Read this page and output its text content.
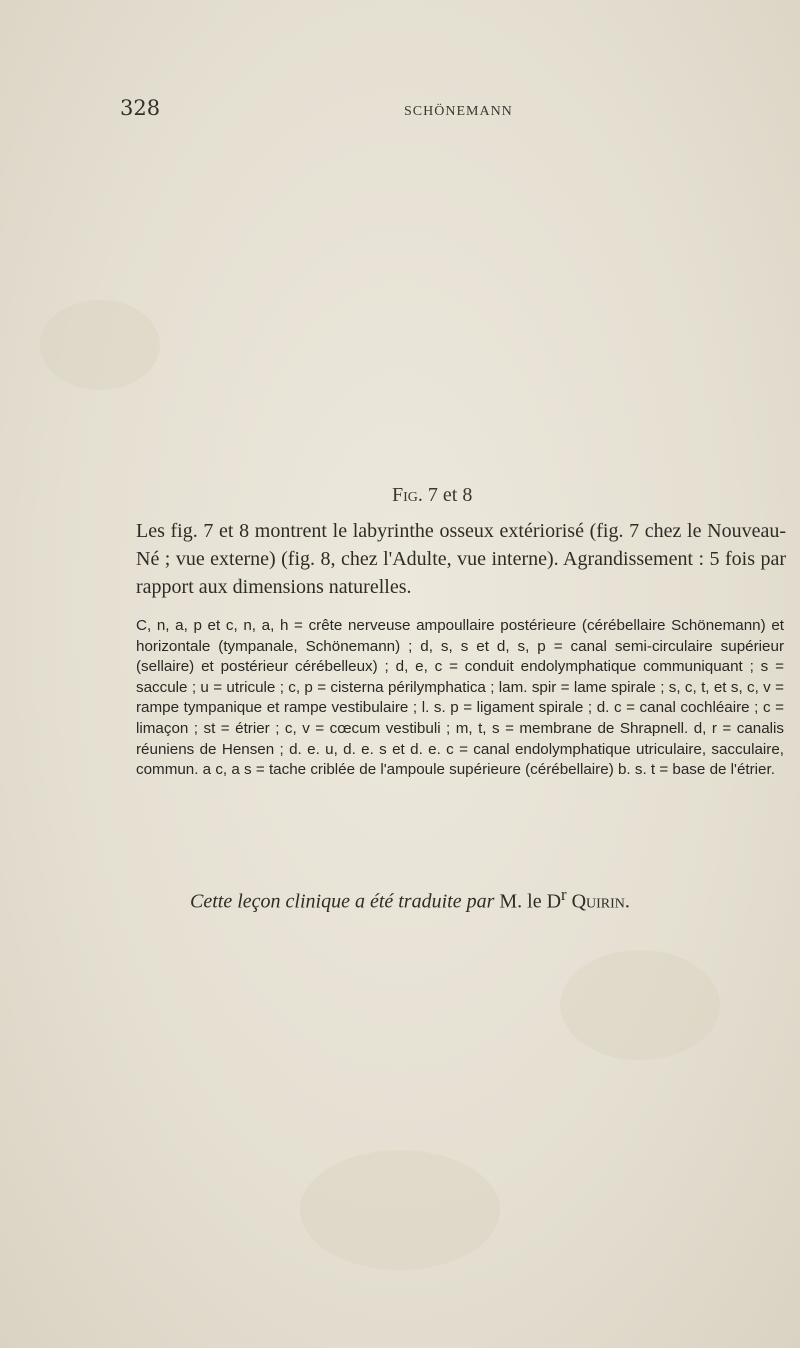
328	SCHÖNEMANN
Fig. 7 et 8
Les fig. 7 et 8 montrent le labyrinthe osseux extériorisé (fig. 7 chez le Nouveau-Né ; vue externe) (fig. 8, chez l'Adulte, vue interne). Agrandissement : 5 fois par rapport aux dimensions naturelles.
C, n, a, p et c, n, a, h = crête nerveuse ampoullaire postérieure (cérébellaire Schönemann) et horizontale (tympanale, Schönemann) ; d, s, s et d, s, p = canal semi-circulaire supérieur (sellaire) et postérieur cérébelleux) ; d, e, c = conduit endolymphatique communiquant ; s = saccule ; u = utricule ; c, p = cisterna périlymphatica ; lam. spir = lame spirale ; s, c, t, et s, c, v = rampe tympanique et rampe vestibulaire ; l. s. p = ligament spirale ; d. c = canal cochléaire ; c = limaçon ; st = étrier ; c, v = cœcum vestibuli ; m, t, s = membrane de Shrapnell. d, r = canalis réuniens de Hensen ; d. e. u, d. e. s et d. e. c = canal endolymphatique utriculaire, sacculaire, commun. a c, a s = tache criblée de l'ampoule supérieure (cérébellaire) b. s. t = base de l'étrier.
Cette leçon clinique a été traduite par M. le $D^r$ Quirin.
